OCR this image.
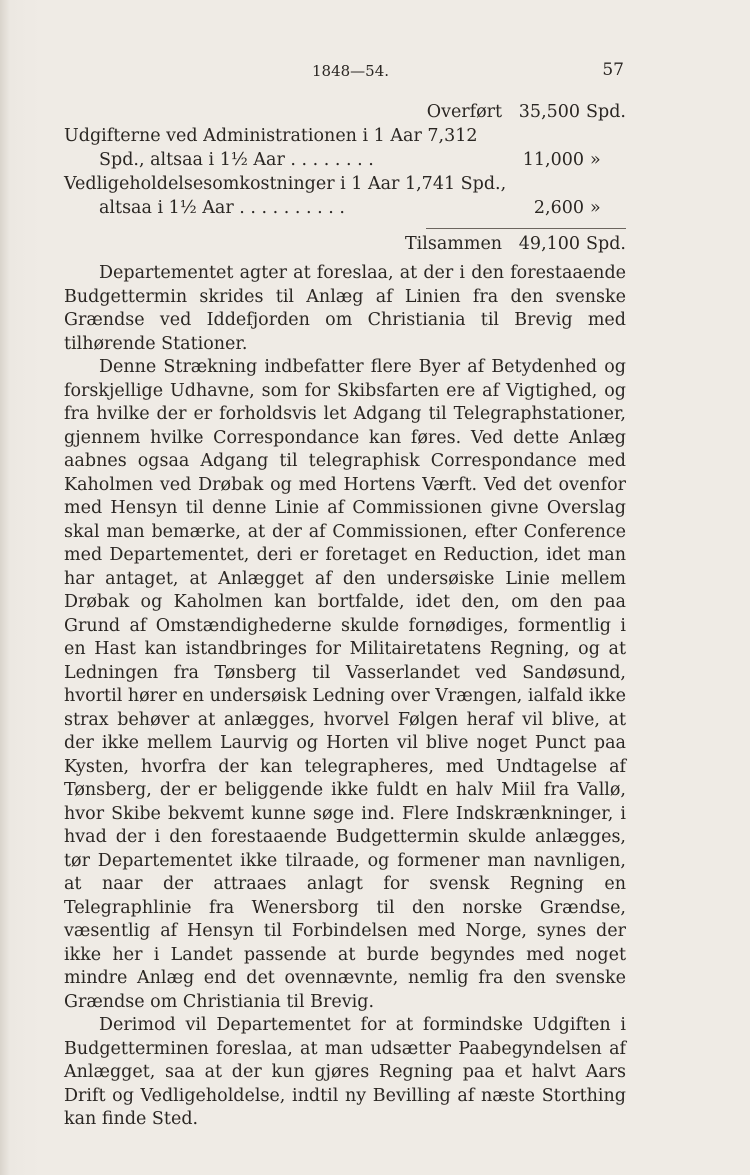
1848—54.	57
Overført 35,500 Spd.
Udgifterne ved Administrationen i 1 Aar 7,312
Spd., altsaa i 1½ Aar . . . . . . . .	11,000 »
Vedligeholdelsesomkostninger i 1 Aar 1,741 Spd.,
altsaa i 1½ Aar . . . . . . . . . .	2,600 »
Tilsammen 49,100 Spd.

Departementet agter at foreslaa, at der i den forestaaende Budgettermin skrides til Anlæg af Linien fra den svenske Grændse ved Iddefjorden om Christiania til Brevig med tilhørende Stationer.

Denne Strækning indbefatter flere Byer af Betydenhed og forskjellige Udhavne, som for Skibsfarten ere af Vigtighed, og fra hvilke der er forholdsvis let Adgang til Telegraphstationer, gjennem hvilke Correspondance kan føres. Ved dette Anlæg aabnes ogsaa Adgang til telegraphisk Correspondance med Kaholmen ved Drøbak og med Hortens Værft. Ved det ovenfor med Hensyn til denne Linie af Commissionen givne Overslag skal man bemærke, at der af Commissionen, efter Conference med Departementet, deri er foretaget en Reduction, idet man har antaget, at Anlægget af den undersøiske Linie mellem Drøbak og Kaholmen kan bortfalde, idet den, om den paa Grund af Omstændighederne skulde fornødiges, formentlig i en Hast kan istandbringes for Militairetatens Regning, og at Ledningen fra Tønsberg til Vasserlandet ved Sandøsund, hvortil hører en undersøisk Ledning over Vrængen, ialfald ikke strax behøver at anlægges, hvorvel Følgen heraf vil blive, at der ikke mellem Laurvig og Horten vil blive noget Punct paa Kysten, hvorfra der kan telegrapheres, med Undtagelse af Tønsberg, der er beliggende ikke fuldt en halv Miil fra Vallø, hvor Skibe bekvemt kunne søge ind. Flere Indskrænkninger, i hvad der i den forestaaende Budgettermin skulde anlægges, tør Departementet ikke tilraade, og formener man navnligen, at naar der attraaes anlagt for svensk Regning en Telegraphlinie fra Wenersborg til den norske Grændse, væsentlig af Hensyn til Forbindelsen med Norge, synes der ikke her i Landet passende at burde begyndes med noget mindre Anlæg end det ovennævnte, nemlig fra den svenske Grændse om Christiania til Brevig.

Derimod vil Departementet for at formindske Udgiften i Budgetterminen foreslaa, at man udsætter Paabegyndelsen af Anlægget, saa at der kun gjøres Regning paa et halvt Aars Drift og Vedligeholdelse, indtil ny Bevilling af næste Storthing kan finde Sted.
